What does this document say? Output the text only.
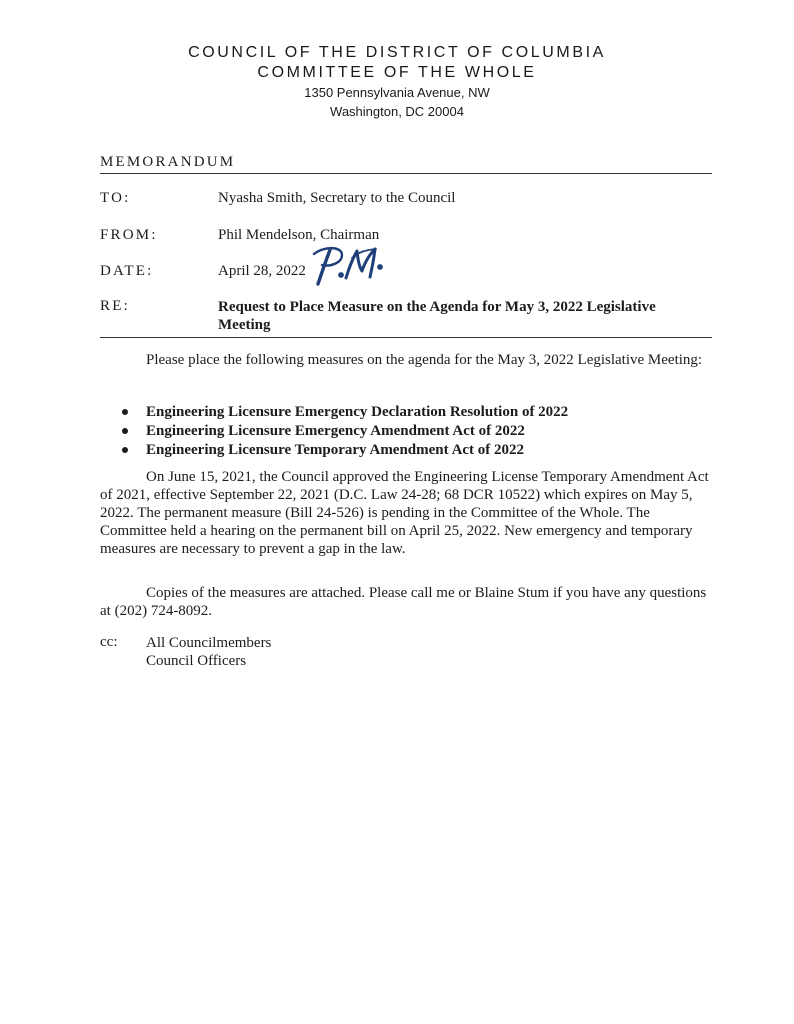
COUNCIL OF THE DISTRICT OF COLUMBIA
COMMITTEE OF THE WHOLE
1350 Pennsylvania Avenue, NW
Washington, DC 20004
MEMORANDUM
TO:	Nyasha Smith, Secretary to the Council
FROM:	Phil Mendelson, Chairman
DATE:	April 28, 2022
RE:	Request to Place Measure on the Agenda for May 3, 2022 Legislative Meeting
Please place the following measures on the agenda for the May 3, 2022 Legislative Meeting:
Engineering Licensure Emergency Declaration Resolution of 2022
Engineering Licensure Emergency Amendment Act of 2022
Engineering Licensure Temporary Amendment Act of 2022
On June 15, 2021, the Council approved the Engineering License Temporary Amendment Act of 2021, effective September 22, 2021 (D.C. Law 24-28; 68 DCR 10522) which expires on May 5, 2022. The permanent measure (Bill 24-526) is pending in the Committee of the Whole. The Committee held a hearing on the permanent bill on April 25, 2022. New emergency and temporary measures are necessary to prevent a gap in the law.
Copies of the measures are attached. Please call me or Blaine Stum if you have any questions at (202) 724-8092.
cc: All Councilmembers
Council Officers
